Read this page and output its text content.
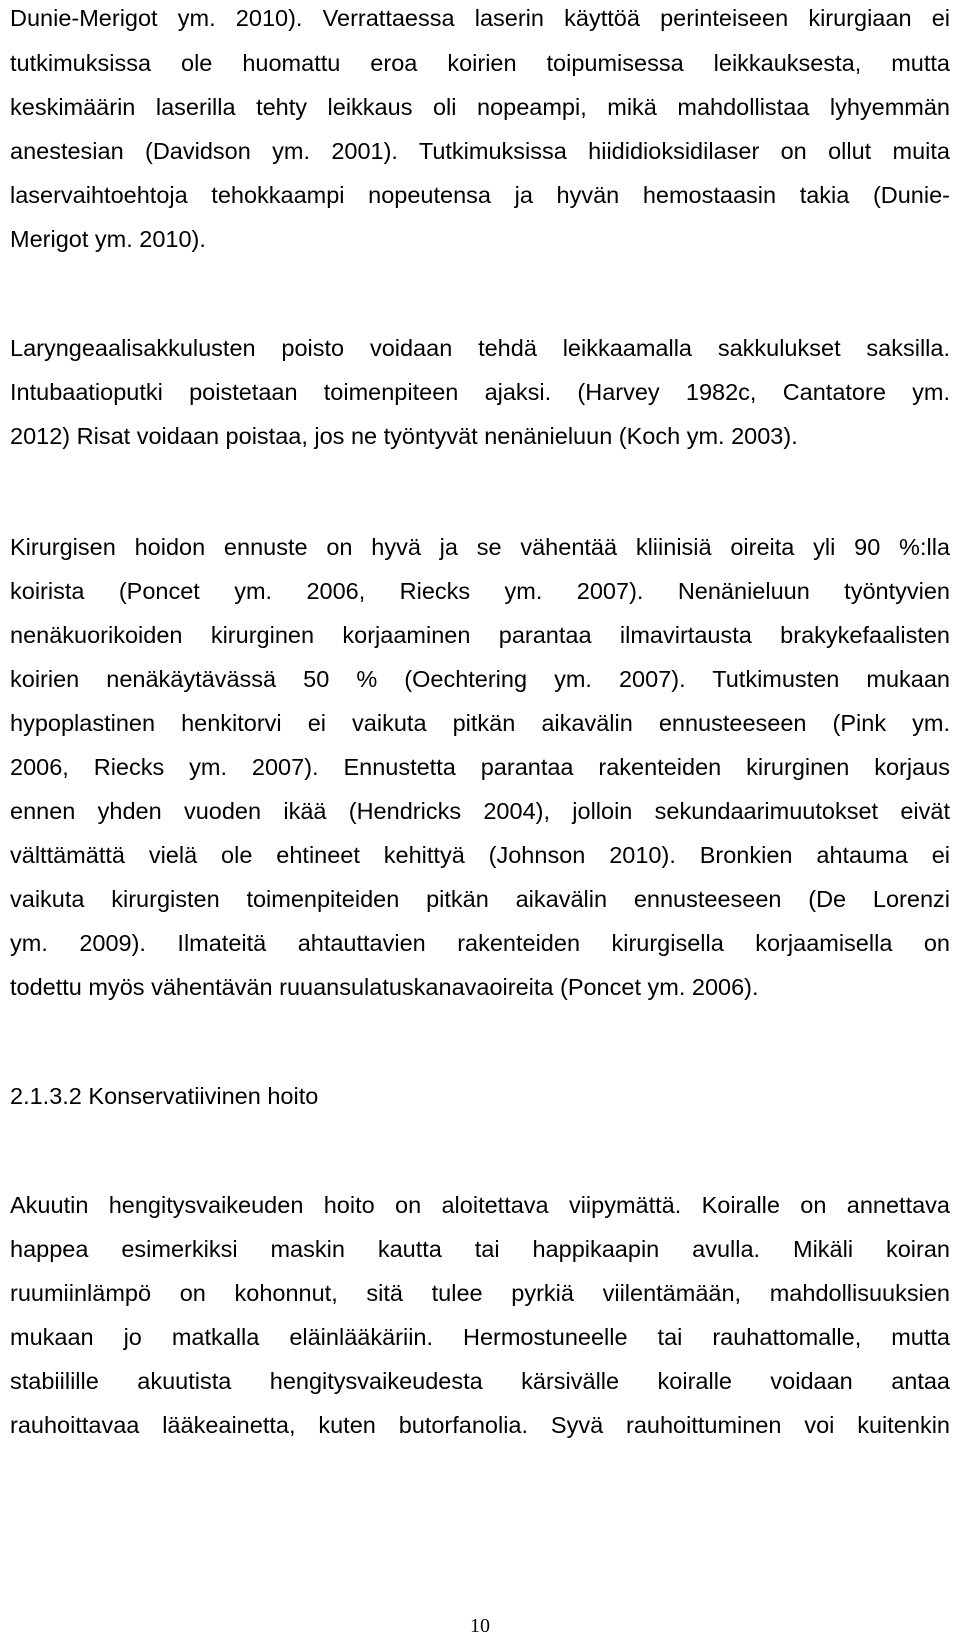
Dunie-Merigot ym. 2010). Verrattaessa laserin käyttöä perinteiseen kirurgiaan ei
tutkimuksissa ole huomattu eroa koirien toipumisessa leikkauksesta, mutta
keskimäärin laserilla tehty leikkaus oli nopeampi, mikä mahdollistaa lyhyemmän
anestesian (Davidson ym. 2001). Tutkimuksissa hiididioksidilaser on ollut muita
laservaihtoehtoja tehokkaampi nopeutensa ja hyvän hemostaasin takia (Dunie-
Merigot ym. 2010).
Laryngeaalisakkulusten poisto voidaan tehdä leikkaamalla sakkulukset saksilla.
Intubaatioputki poistetaan toimenpiteen ajaksi. (Harvey 1982c, Cantatore ym.
2012) Risat voidaan poistaa, jos ne työntyvät nenänieluun (Koch ym. 2003).
Kirurgisen hoidon ennuste on hyvä ja se vähentää kliinisiä oireita yli 90 %:lla
koirista (Poncet ym. 2006, Riecks ym. 2007). Nenänieluun työntyvien
nenäkuorikoiden kirurginen korjaaminen parantaa ilmavirtausta brakykefaalisten
koirien nenäkäytävässä 50 % (Oechtering ym. 2007). Tutkimusten mukaan
hypoplastinen henkitorvi ei vaikuta pitkän aikavälin ennusteeseen (Pink ym.
2006, Riecks ym. 2007). Ennustetta parantaa rakenteiden kirurginen korjaus
ennen yhden vuoden ikää (Hendricks 2004), jolloin sekundaarimuutokset eivät
välttämättä vielä ole ehtineet kehittyä (Johnson 2010). Bronkien ahtauma ei
vaikuta kirurgisten toimenpiteiden pitkän aikavälin ennusteeseen (De Lorenzi
ym. 2009). Ilmateitä ahtauttavien rakenteiden kirurgisella korjaamisella on
todettu myös vähentävän ruuansulatuskanavaoireita (Poncet ym. 2006).
2.1.3.2 Konservatiivinen hoito
Akuutin hengitysvaikeuden hoito on aloitettava viipymättä. Koiralle on annettava
happea esimerkiksi maskin kautta tai happikaapin avulla. Mikäli koiran
ruumiinlämpö on kohonnut, sitä tulee pyrkiä viilentämään, mahdollisuuksien
mukaan jo matkalla eläinlääkäriin. Hermostuneelle tai rauhattomalle, mutta
stabiilille akuutista hengitysvaikeudesta kärsivälle koiralle voidaan antaa
rauhoittavaa lääkeainetta, kuten butorfanolia. Syvä rauhoittuminen voi kuitenkin
10
